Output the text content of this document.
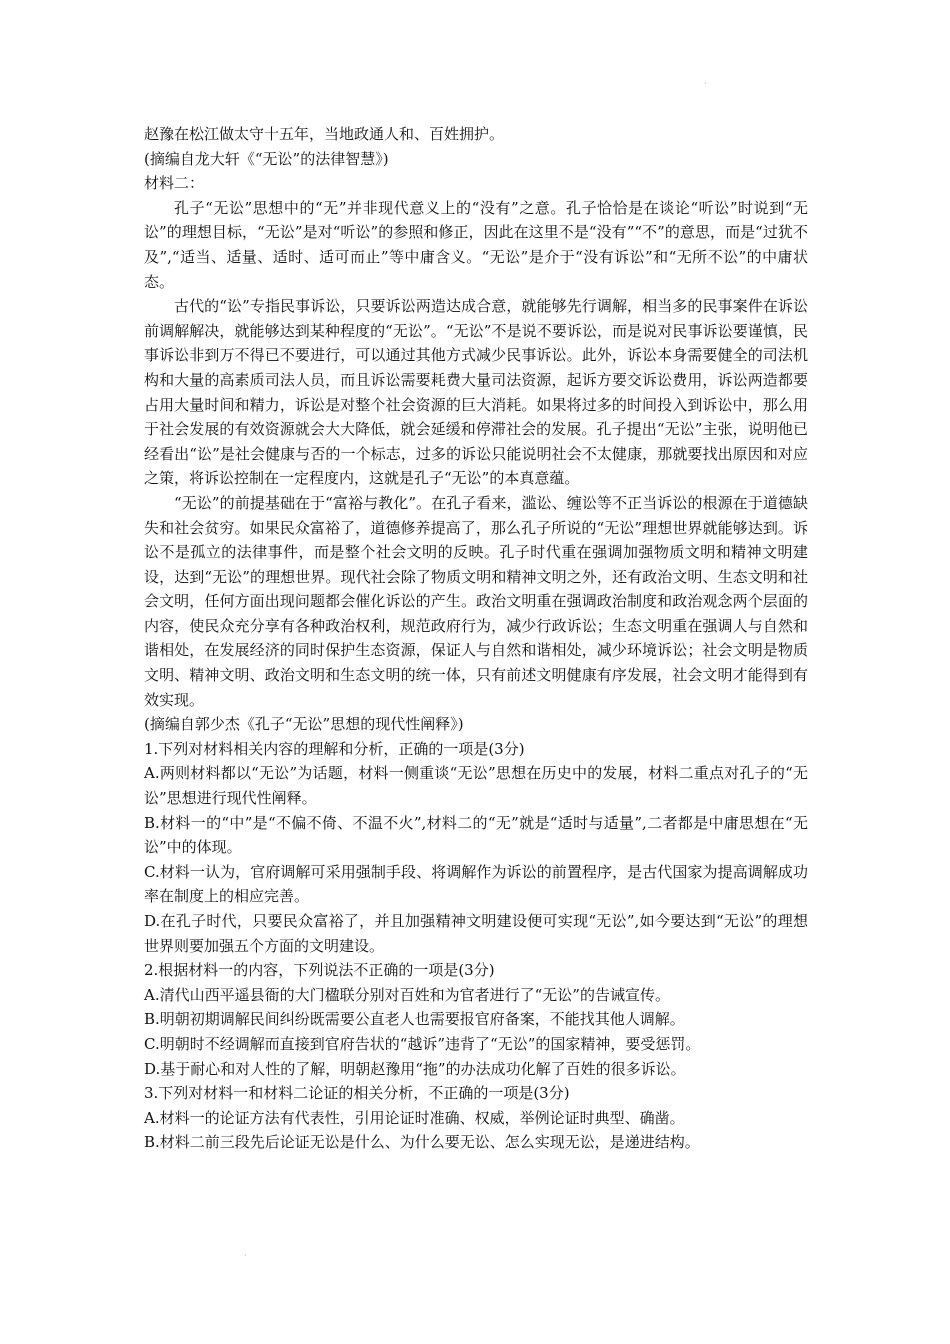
·

赵豫在松江做太守十五年，当地政通人和、百姓拥护。

(摘编自龙大轩《“无讼”的法律智慧》)

材料二：

孔子“无讼”思想中的“无”并非现代意义上的“没有”之意。孔子恰恰是在谈论“听讼”时说到“无讼”的理想目标，“无讼”是对“听讼”的参照和修正，因此在这里不是“没有”“不”的意思，而是“过犹不及”,“适当、适量、适时、适可而止”等中庸含义。“无讼”是介于“没有诉讼”和“无所不讼”的中庸状态。

古代的“讼”专指民事诉讼，只要诉讼两造达成合意，就能够先行调解，相当多的民事案件在诉讼前调解解决，就能够达到某种程度的“无讼”。“无讼”不是说不要诉讼，而是说对民事诉讼要谨慎，民事诉讼非到万不得已不要进行，可以通过其他方式减少民事诉讼。此外，诉讼本身需要健全的司法机构和大量的高素质司法人员，而且诉讼需要耗费大量司法资源，起诉方要交诉讼费用，诉讼两造都要占用大量时间和精力，诉讼是对整个社会资源的巨大消耗。如果将过多的时间投入到诉讼中，那么用于社会发展的有效资源就会大大降低，就会延缓和停滞社会的发展。孔子提出“无讼”主张，说明他已经看出“讼”是社会健康与否的一个标志，过多的诉讼只能说明社会不太健康，那就要找出原因和对应之策，将诉讼控制在一定程度内，这就是孔子“无讼”的本真意蕴。

“无讼”的前提基础在于“富裕与教化”。在孔子看来，滥讼、缠讼等不正当诉讼的根源在于道德缺失和社会贫穷。如果民众富裕了，道德修养提高了，那么孔子所说的“无讼”理想世界就能够达到。诉讼不是孤立的法律事件，而是整个社会文明的反映。孔子时代重在强调加强物质文明和精神文明建设，达到“无讼”的理想世界。现代社会除了物质文明和精神文明之外，还有政治文明、生态文明和社会文明，任何方面出现问题都会催化诉讼的产生。政治文明重在强调政治制度和政治观念两个层面的内容，使民众充分享有各种政治权利，规范政府行为，减少行政诉讼；生态文明重在强调人与自然和谐相处，在发展经济的同时保护生态资源，保证人与自然和谐相处，减少环境诉讼；社会文明是物质文明、精神文明、政治文明和生态文明的统一体，只有前述文明健康有序发展，社会文明才能得到有效实现。

(摘编自郭少杰《孔子“无讼”思想的现代性阐释》)

1.下列对材料相关内容的理解和分析，正确的一项是(3分)

A.两则材料都以“无讼”为话题，材料一侧重谈“无讼”思想在历史中的发展，材料二重点对孔子的“无讼”思想进行现代性阐释。

B.材料一的“中”是“不偏不倚、不温不火”,材料二的“无”就是“适时与适量”,二者都是中庸思想在“无讼”中的体现。

C.材料一认为，官府调解可采用强制手段、将调解作为诉讼的前置程序，是古代国家为提高调解成功率在制度上的相应完善。

D.在孔子时代，只要民众富裕了，并且加强精神文明建设便可实现“无讼”,如今要达到“无讼”的理想世界则要加强五个方面的文明建设。

2.根据材料一的内容，下列说法不正确的一项是(3分)

A.清代山西平遥县衙的大门楹联分别对百姓和为官者进行了“无讼”的告诫宣传。

B.明朝初期调解民间纠纷既需要公直老人也需要报官府备案，不能找其他人调解。

C.明朝时不经调解而直接到官府告状的“越诉”违背了“无讼”的国家精神，要受惩罚。

D.基于耐心和对人性的了解，明朝赵豫用“拖”的办法成功化解了百姓的很多诉讼。

3.下列对材料一和材料二论证的相关分析，不正确的一项是(3分)

A.材料一的论证方法有代表性，引用论证时准确、权威，举例论证时典型、确凿。

B.材料二前三段先后论证无讼是什么、为什么要无讼、怎么实现无讼，是递进结构。

·
